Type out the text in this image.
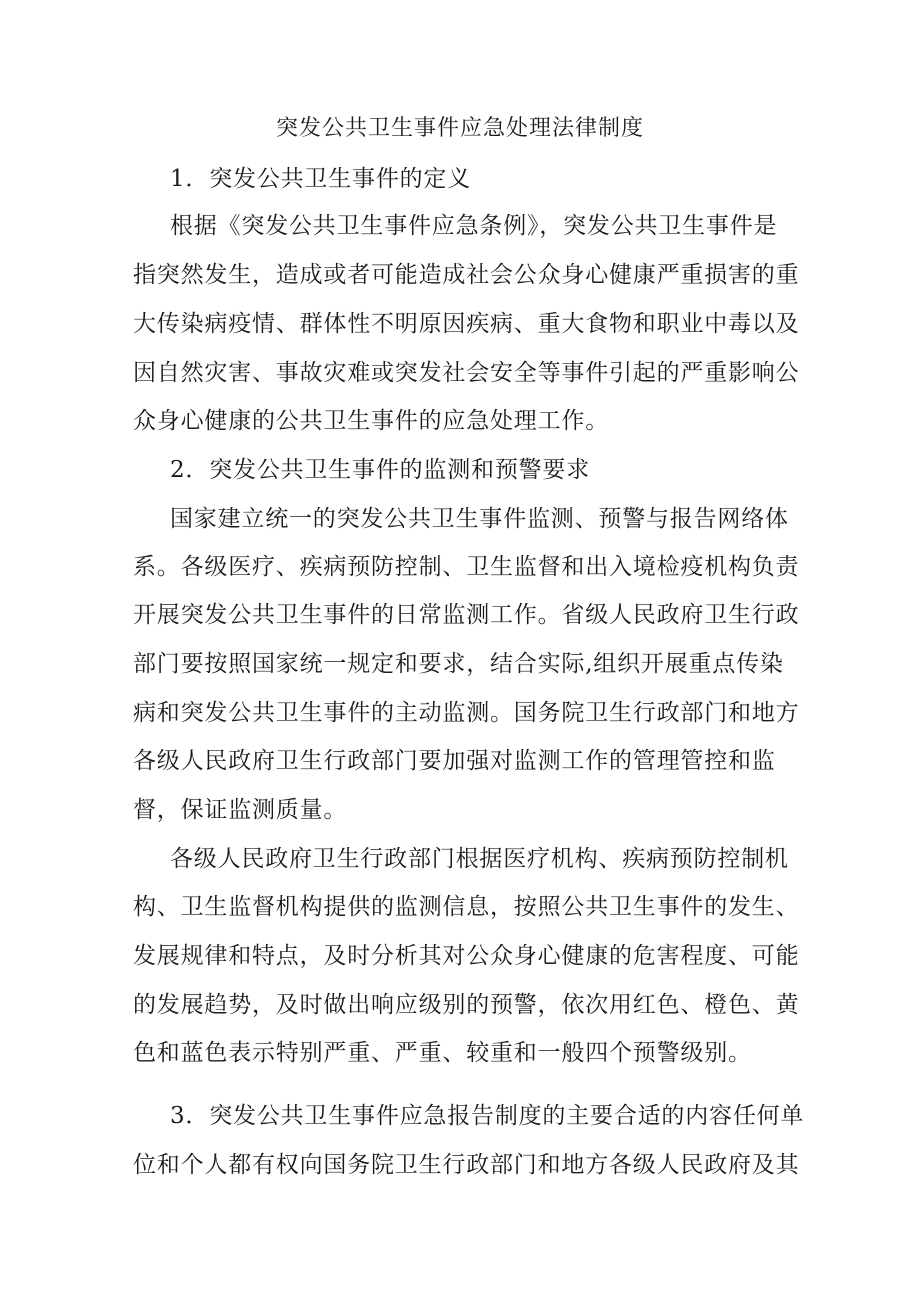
突发公共卫生事件应急处理法律制度
1．突发公共卫生事件的定义
根据《突发公共卫生事件应急条例》，突发公共卫生事件是
指突然发生，造成或者可能造成社会公众身心健康严重损害的重
大传染病疫情、群体性不明原因疾病、重大食物和职业中毒以及
因自然灾害、事故灾难或突发社会安全等事件引起的严重影响公
众身心健康的公共卫生事件的应急处理工作。
2．突发公共卫生事件的监测和预警要求
国家建立统一的突发公共卫生事件监测、预警与报告网络体
系。各级医疗、疾病预防控制、卫生监督和出入境检疫机构负责
开展突发公共卫生事件的日常监测工作。省级人民政府卫生行政
部门要按照国家统一规定和要求，结合实际,组织开展重点传染
病和突发公共卫生事件的主动监测。国务院卫生行政部门和地方
各级人民政府卫生行政部门要加强对监测工作的管理管控和监
督，保证监测质量。
各级人民政府卫生行政部门根据医疗机构、疾病预防控制机
构、卫生监督机构提供的监测信息，按照公共卫生事件的发生、
发展规律和特点，及时分析其对公众身心健康的危害程度、可能
的发展趋势，及时做出响应级别的预警，依次用红色、橙色、黄
色和蓝色表示特别严重、严重、较重和一般四个预警级别。
3．突发公共卫生事件应急报告制度的主要合适的内容任何单
位和个人都有权向国务院卫生行政部门和地方各级人民政府及其
